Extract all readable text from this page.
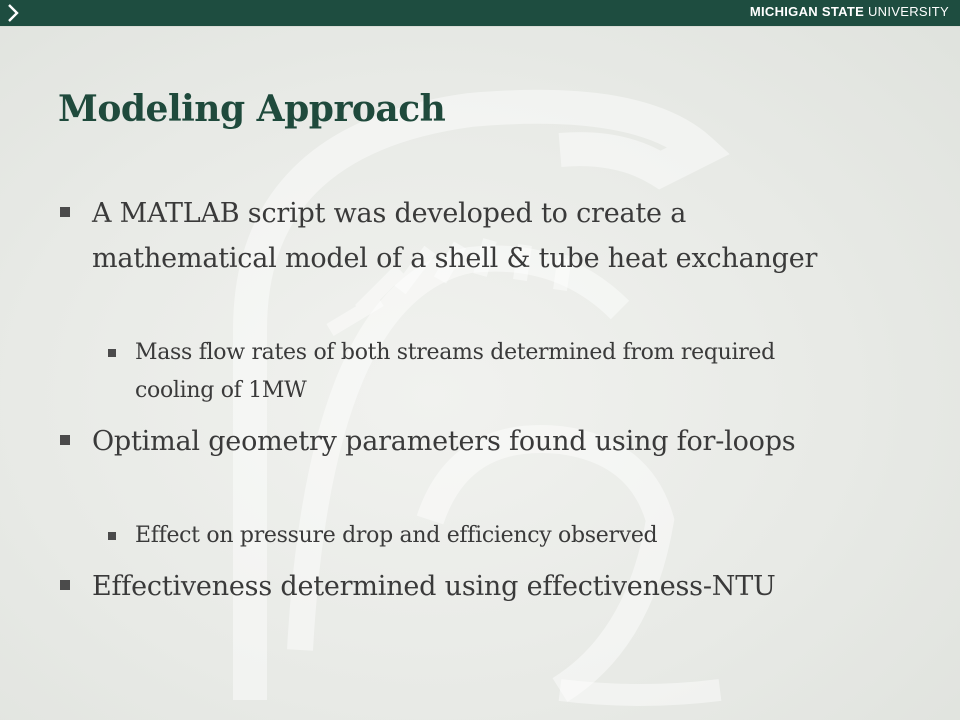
MICHIGAN STATE UNIVERSITY
Modeling Approach
A MATLAB script was developed to create a mathematical model of a shell & tube heat exchanger
Mass flow rates of both streams determined from required cooling of 1MW
Optimal geometry parameters found using for-loops
Effect on pressure drop and efficiency observed
Effectiveness determined using effectiveness-NTU
